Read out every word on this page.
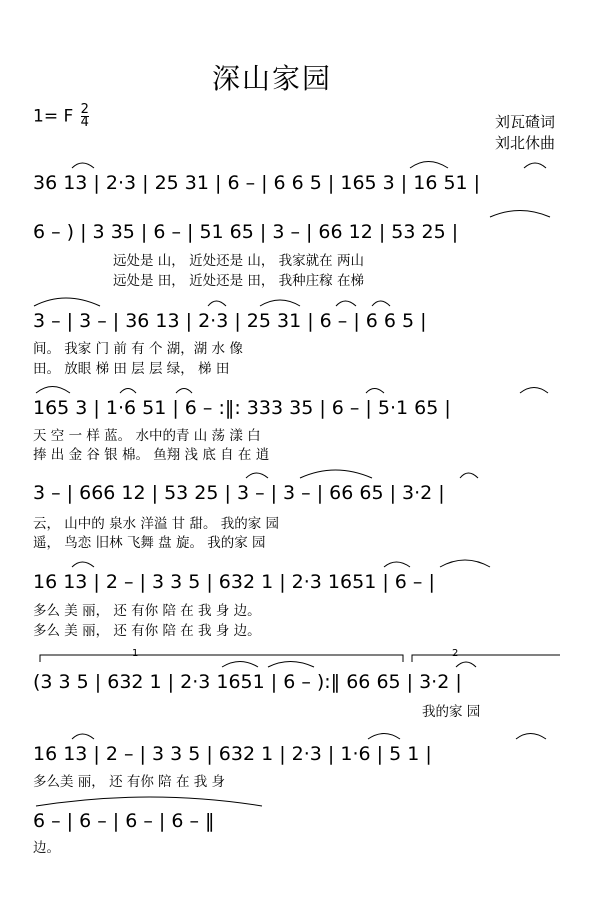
深山家园
1= F $\frac{2}{4}$	刘瓦碴词
刘北休曲
36 13 | 2·3 | 25 31 | 6 – | 6 6 5 | 165 3 | 16 51 |
6 – ) | 3 35 | 6 – | 51 65 | 3 – | 66 12 | 53 25 |
远处是 山， 近处还是 山， 我家就在 两山
远处是 田， 近处还是 田， 我种庄稼 在梯
3 – | 3 – | 36 13 | 2·3 | 25 31 | 6 – | 6 6 5 |
间。 我家 门 前 有 个 湖，湖 水 像
田。 放眼 梯 田 层 层 绿， 梯 田
165 3 | 1·6 51 | 6 – :‖: 333 35 | 6 – | 5·1 65 |
天 空 一 样 蓝。 水中的青 山 荡 漾 白
捧 出 金 谷 银 棉。 鱼翔 浅 底 自 在 逍
3 – | 666 12 | 53 25 | 3 – | 3 – | 66 65 | 3·2 |
云， 山中的 泉水 洋溢 甘 甜。 我的家 园
遥， 鸟恋 旧林 飞舞 盘 旋。 我的家 园
16 13 | 2 – | 3 3 5 | 632 1 | 2·3 1651 | 6 – |
多么 美 丽， 还 有你 陪 在 我 身 边。
多么 美 丽， 还 有你 陪 在 我 身 边。
1	2
(3 3 5 | 632 1 | 2·3 1651 | 6 – ):‖ 66 65 | 3·2 |
我的家 园
16 13 | 2 – | 3 3 5 | 632 1 | 2·3 | 1·6 | 5 1 |
多么美 丽， 还 有你 陪 在 我 身
6 – | 6 – | 6 – | 6 – ‖
边。
